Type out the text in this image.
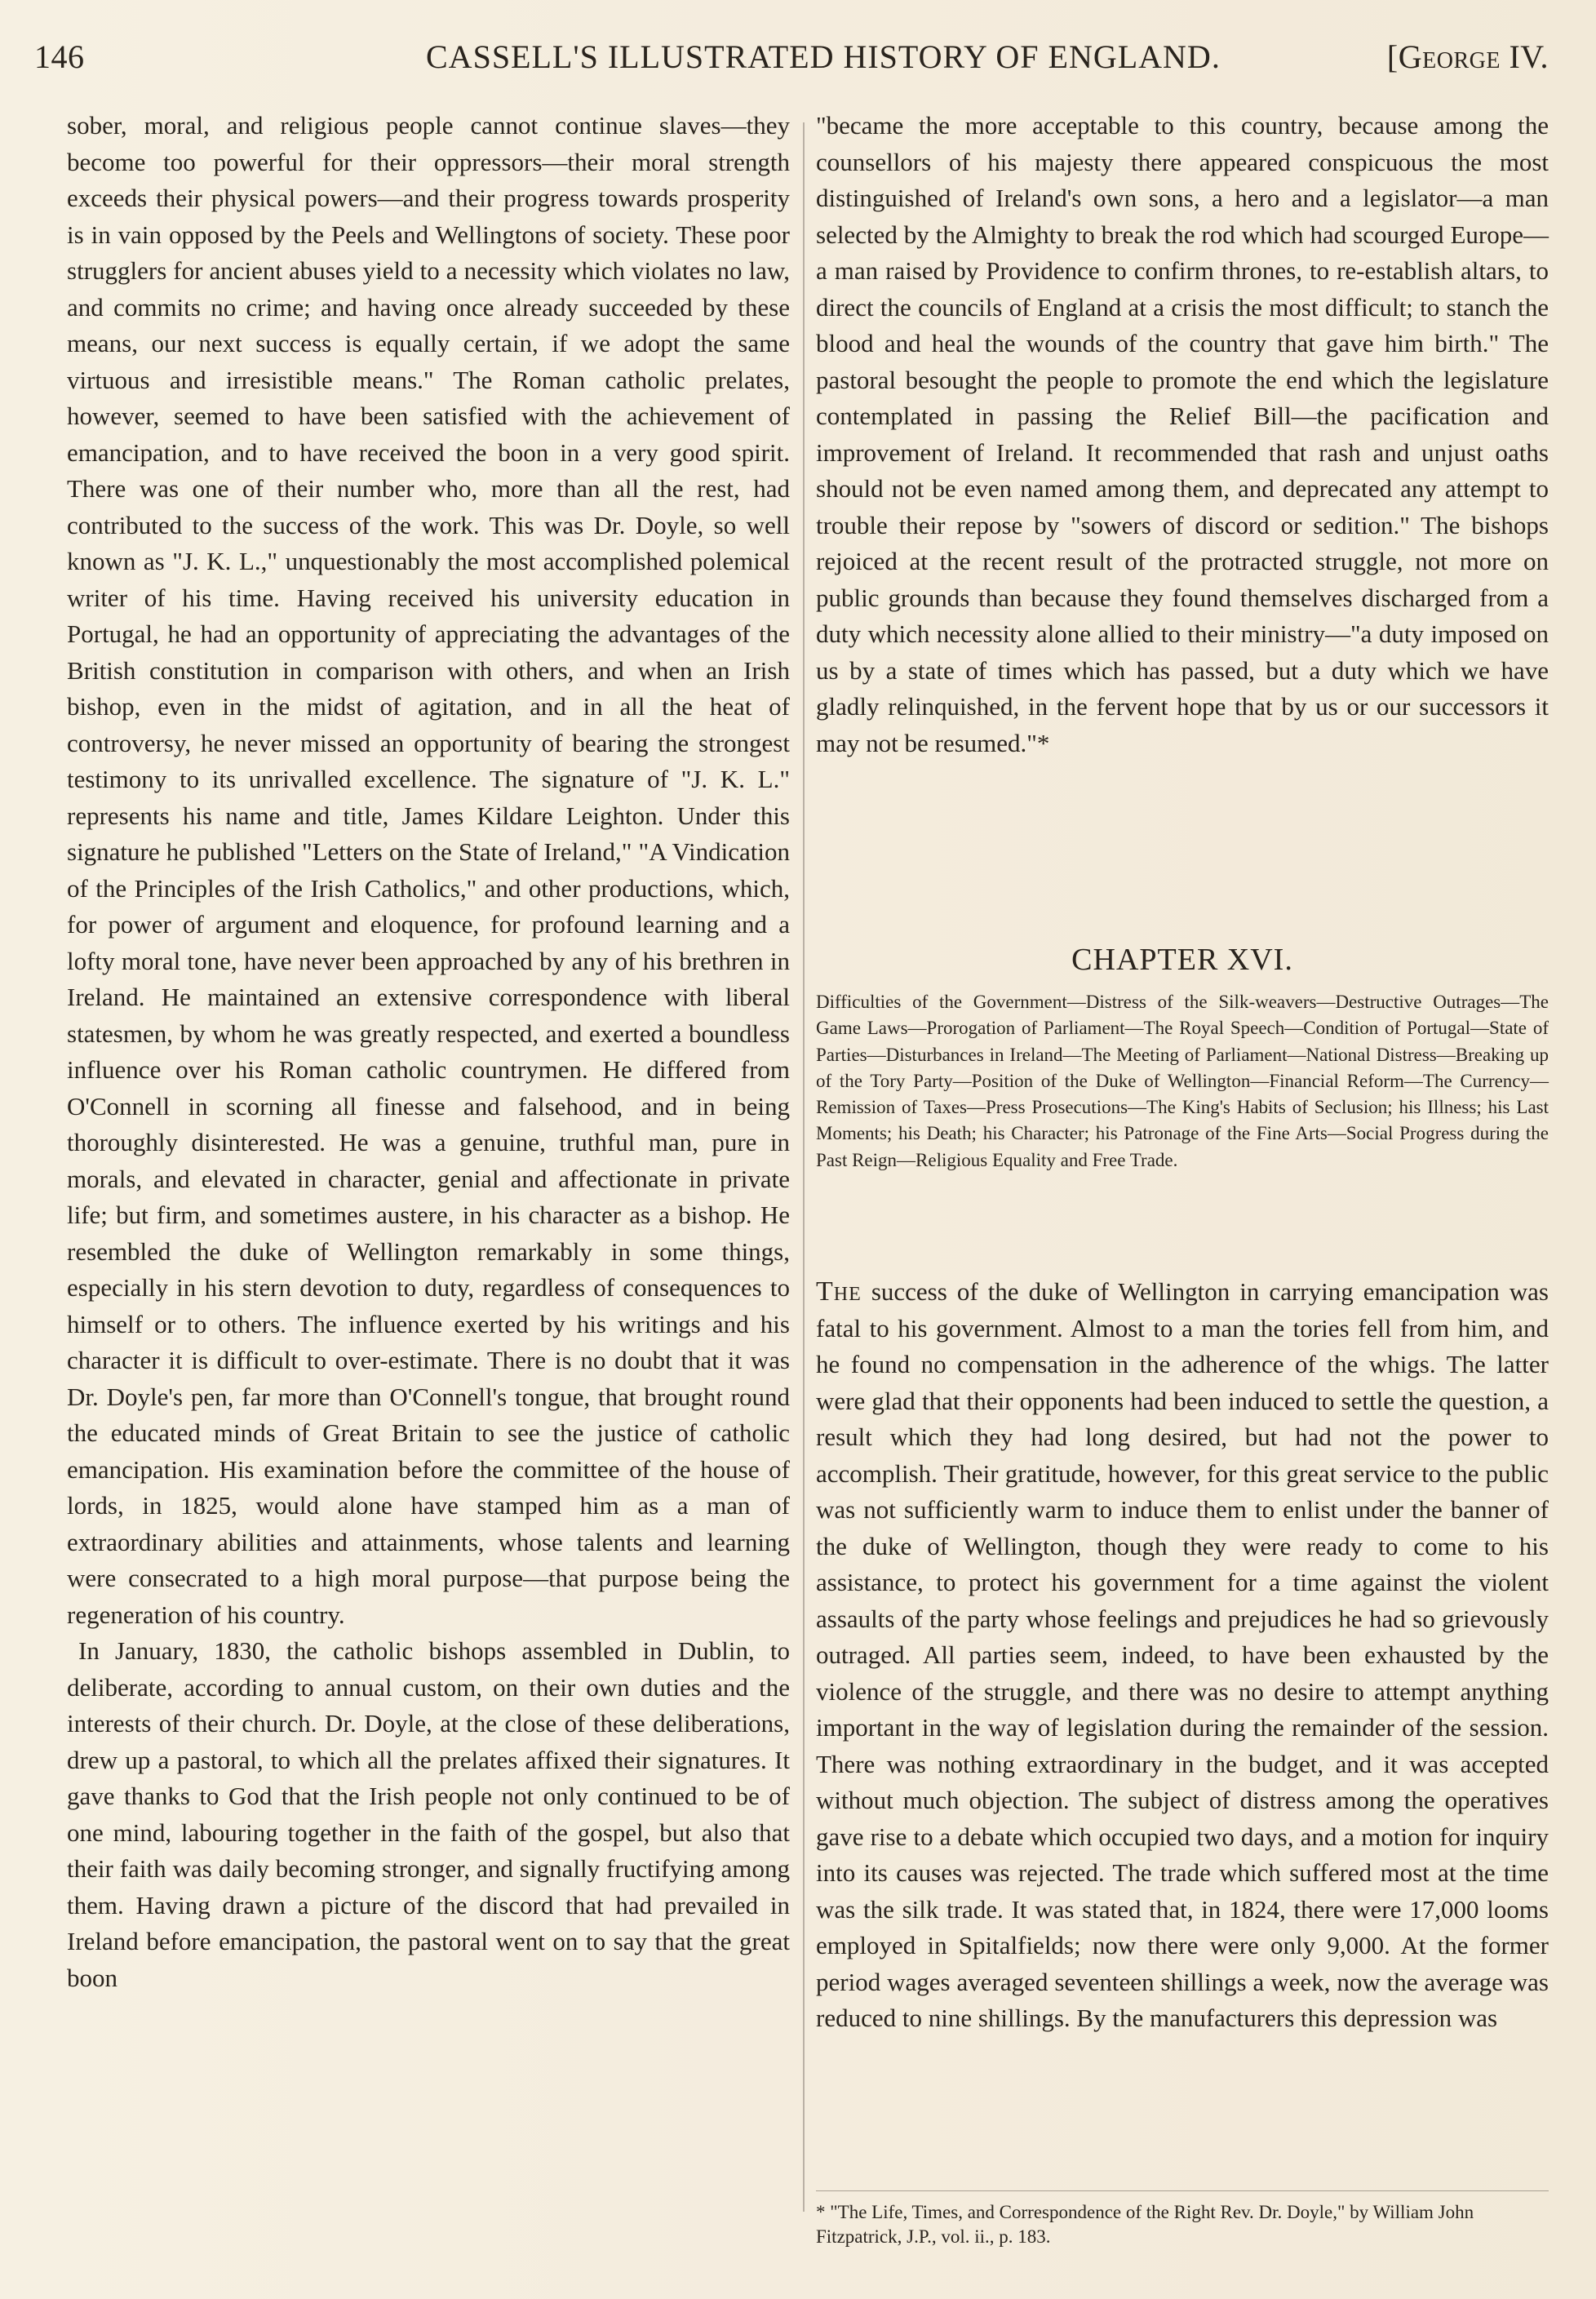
146	CASSELL'S ILLUSTRATED HISTORY OF ENGLAND.	[George IV.

sober, moral, and religious people cannot continue slaves—they become too powerful for their oppressors—their moral strength exceeds their physical powers—and their progress towards prosperity is in vain opposed by the Peels and Wellingtons of society. These poor strugglers for ancient abuses yield to a necessity which violates no law, and commits no crime; and having once already succeeded by these means, our next success is equally certain, if we adopt the same virtuous and irresistible means." The Roman catholic prelates, however, seemed to have been satisfied with the achievement of emancipation, and to have received the boon in a very good spirit. There was one of their number who, more than all the rest, had contributed to the success of the work. This was Dr. Doyle, so well known as "J. K. L.," unquestionably the most accomplished polemical writer of his time. Having received his university education in Portugal, he had an opportunity of appreciating the advantages of the British constitution in comparison with others, and when an Irish bishop, even in the midst of agitation, and in all the heat of controversy, he never missed an opportunity of bearing the strongest testimony to its unrivalled excellence. The signature of "J. K. L." represents his name and title, James Kildare Leighton. Under this signature he published "Letters on the State of Ireland," "A Vindication of the Principles of the Irish Catholics," and other productions, which, for power of argument and eloquence, for profound learning and a lofty moral tone, have never been approached by any of his brethren in Ireland. He maintained an extensive correspondence with liberal statesmen, by whom he was greatly respected, and exerted a boundless influence over his Roman catholic countrymen. He differed from O'Connell in scorning all finesse and falsehood, and in being thoroughly disinterested. He was a genuine, truthful man, pure in morals, and elevated in character, genial and affectionate in private life; but firm, and sometimes austere, in his character as a bishop. He resembled the duke of Wellington remarkably in some things, especially in his stern devotion to duty, regardless of consequences to himself or to others. The influence exerted by his writings and his character it is difficult to over-estimate. There is no doubt that it was Dr. Doyle's pen, far more than O'Connell's tongue, that brought round the educated minds of Great Britain to see the justice of catholic emancipation. His examination before the committee of the house of lords, in 1825, would alone have stamped him as a man of extraordinary abilities and attainments, whose talents and learning were consecrated to a high moral purpose—that purpose being the regeneration of his country.

In January, 1830, the catholic bishops assembled in Dublin, to deliberate, according to annual custom, on their own duties and the interests of their church. Dr. Doyle, at the close of these deliberations, drew up a pastoral, to which all the prelates affixed their signatures. It gave thanks to God that the Irish people not only continued to be of one mind, labouring together in the faith of the gospel, but also that their faith was daily becoming stronger, and signally fructifying among them. Having drawn a picture of the discord that had prevailed in Ireland before emancipation, the pastoral went on to say that the great boon

"became the more acceptable to this country, because among the counsellors of his majesty there appeared conspicuous the most distinguished of Ireland's own sons, a hero and a legislator—a man selected by the Almighty to break the rod which had scourged Europe—a man raised by Providence to confirm thrones, to re-establish altars, to direct the councils of England at a crisis the most difficult; to stanch the blood and heal the wounds of the country that gave him birth." The pastoral besought the people to promote the end which the legislature contemplated in passing the Relief Bill—the pacification and improvement of Ireland. It recommended that rash and unjust oaths should not be even named among them, and deprecated any attempt to trouble their repose by "sowers of discord or sedition." The bishops rejoiced at the recent result of the protracted struggle, not more on public grounds than because they found themselves discharged from a duty which necessity alone allied to their ministry—"a duty imposed on us by a state of times which has passed, but a duty which we have gladly relinquished, in the fervent hope that by us or our successors it may not be resumed."*

CHAPTER XVI.
Difficulties of the Government—Distress of the Silk-weavers—Destructive Outrages—The Game Laws—Prorogation of Parliament—The Royal Speech—Condition of Portugal—State of Parties—Disturbances in Ireland—The Meeting of Parliament—National Distress—Breaking up of the Tory Party—Position of the Duke of Wellington—Financial Reform—The Currency—Remission of Taxes—Press Prosecutions—The King's Habits of Seclusion; his Illness; his Last Moments; his Death; his Character; his Patronage of the Fine Arts—Social Progress during the Past Reign—Religious Equality and Free Trade.

The success of the duke of Wellington in carrying emancipation was fatal to his government. Almost to a man the tories fell from him, and he found no compensation in the adherence of the whigs. The latter were glad that their opponents had been induced to settle the question, a result which they had long desired, but had not the power to accomplish. Their gratitude, however, for this great service to the public was not sufficiently warm to induce them to enlist under the banner of the duke of Wellington, though they were ready to come to his assistance, to protect his government for a time against the violent assaults of the party whose feelings and prejudices he had so grievously outraged. All parties seem, indeed, to have been exhausted by the violence of the struggle, and there was no desire to attempt anything important in the way of legislation during the remainder of the session. There was nothing extraordinary in the budget, and it was accepted without much objection. The subject of distress among the operatives gave rise to a debate which occupied two days, and a motion for inquiry into its causes was rejected. The trade which suffered most at the time was the silk trade. It was stated that, in 1824, there were 17,000 looms employed in Spitalfields; now there were only 9,000. At the former period wages averaged seventeen shillings a week, now the average was reduced to nine shillings. By the manufacturers this depression was

* "The Life, Times, and Correspondence of the Right Rev. Dr. Doyle," by William John Fitzpatrick, J.P., vol. ii., p. 183.
